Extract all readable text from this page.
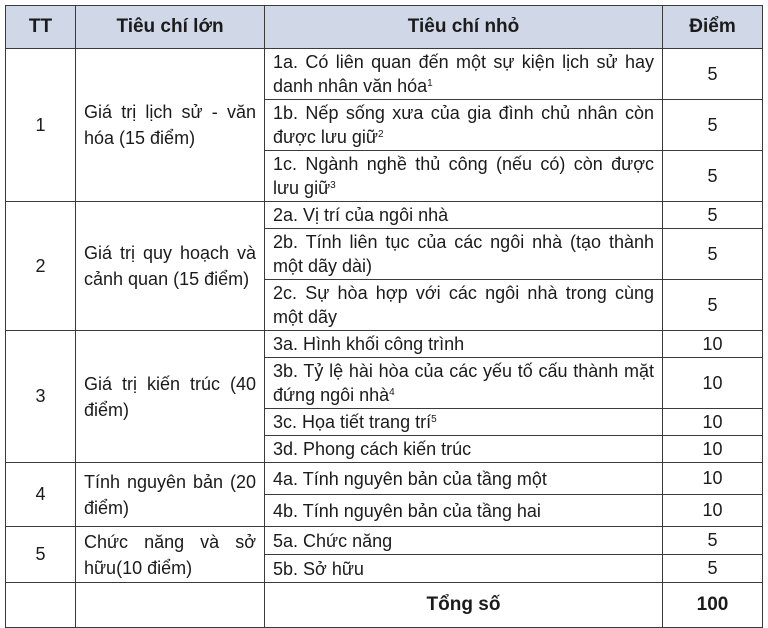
TT	Tiêu chí lớn	Tiêu chí nhỏ	Điểm
1	Giá trị lịch sử - văn hóa (15 điểm)	1a. Có liên quan đến một sự kiện lịch sử hay danh nhân văn hóa$^1$	5
		1b. Nếp sống xưa của gia đình chủ nhân còn được lưu giữ$^2$	5
		1c. Ngành nghề thủ công (nếu có) còn được lưu giữ$^3$	5
2	Giá trị quy hoạch và cảnh quan (15 điểm)	2a. Vị trí của ngôi nhà	5
		2b. Tính liên tục của các ngôi nhà (tạo thành một dãy dài)	5
		2c. Sự hòa hợp với các ngôi nhà trong cùng một dãy	5
3	Giá trị kiến trúc (40 điểm)	3a. Hình khối công trình	10
		3b. Tỷ lệ hài hòa của các yếu tố cấu thành mặt đứng ngôi nhà$^4$	10
		3c. Họa tiết trang trí$^5$	10
		3d. Phong cách kiến trúc	10
4	Tính nguyên bản (20 điểm)	4a. Tính nguyên bản của tầng một	10
		4b. Tính nguyên bản của tầng hai	10
5	Chức năng và sở hữu(10 điểm)	5a. Chức năng	5
		5b. Sở hữu	5
		Tổng số	100
